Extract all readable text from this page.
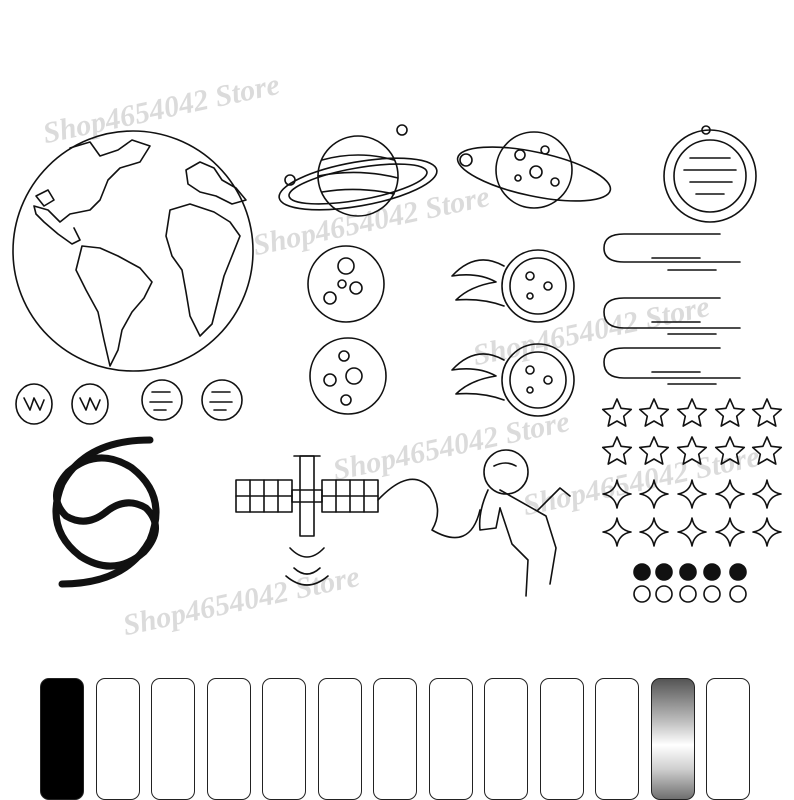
Shop4654042 Store
Shop4654042 Store
Shop4654042 Store
Shop4654042 Store
Shop4654042 Store
Shop4654042 Store
